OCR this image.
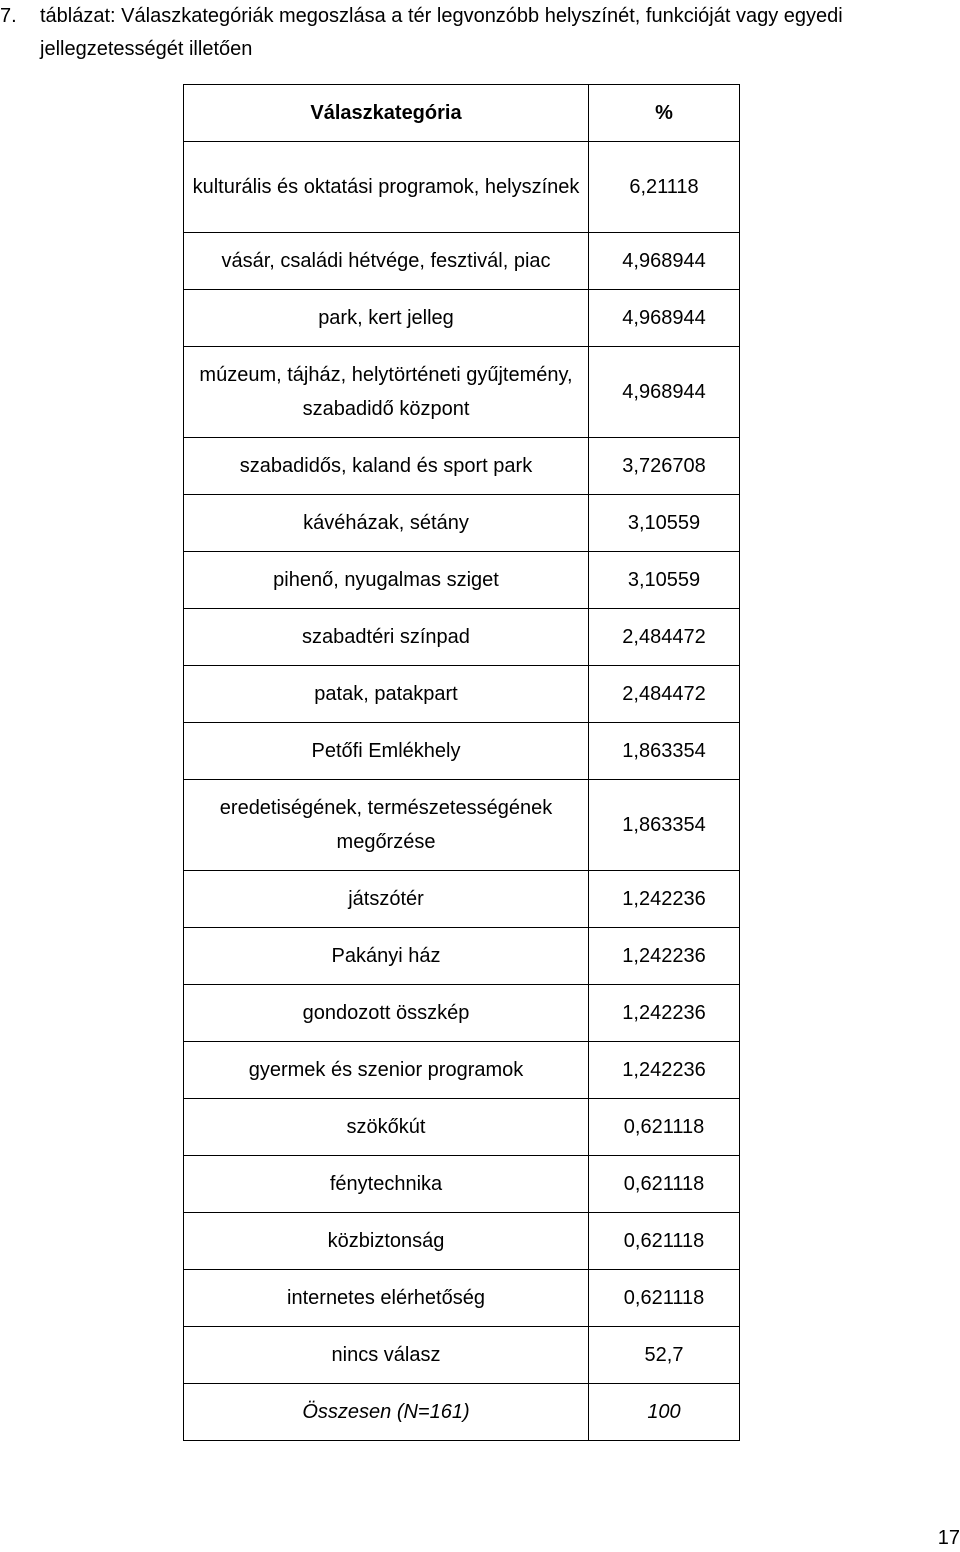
7.	táblázat: Válaszkategóriák megoszlása a tér legvonzóbb helyszínét, funkcióját vagy egyedi jellegzetességét illetően
Válaszkategória	%
kulturális és oktatási programok, helyszínek	6,21118
vásár, családi hétvége, fesztivál, piac	4,968944
park, kert jelleg	4,968944
múzeum, tájház, helytörténeti gyűjtemény, szabadidő központ	4,968944
szabadidős, kaland és sport park	3,726708
kávéházak, sétány	3,10559
pihenő, nyugalmas sziget	3,10559
szabadtéri színpad	2,484472
patak, patakpart	2,484472
Petőfi Emlékhely	1,863354
eredetiségének, természetességének megőrzése	1,863354
játszótér	1,242236
Pakányi ház	1,242236
gondozott összkép	1,242236
gyermek és szenior programok	1,242236
szökőkút	0,621118
fénytechnika	0,621118
közbiztonság	0,621118
internetes elérhetőség	0,621118
nincs válasz	52,7
Összesen (N=161)	100
17
